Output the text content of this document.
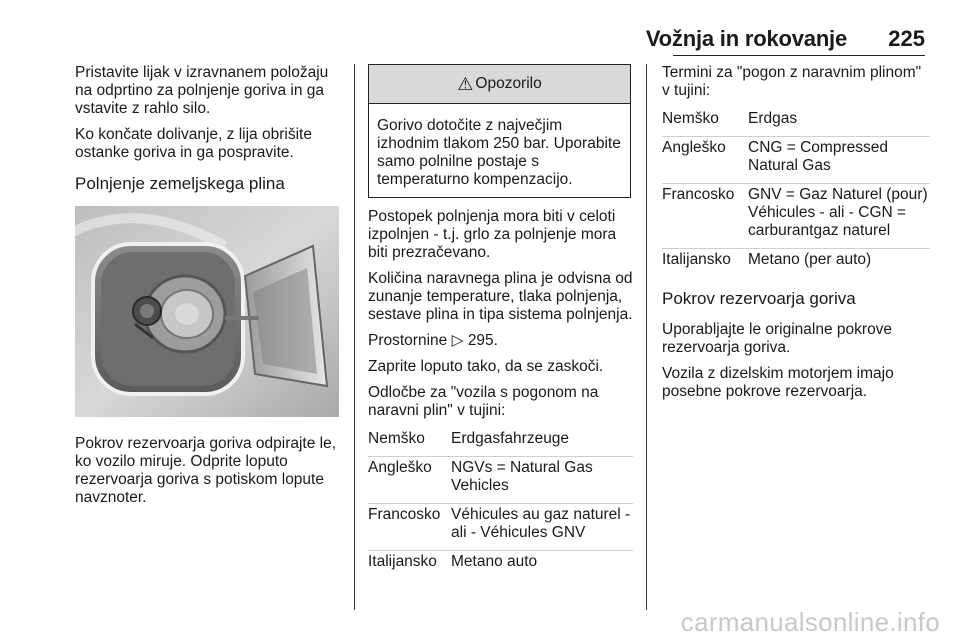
Vožnja in rokovanje 225

Pristavite lijak v izravnanem položaju na odprtino za polnjenje goriva in ga vstavite z rahlo silo.

Ko končate dolivanje, z lija obrišite ostanke goriva in ga pospravite.

Polnjenje zemeljskega plina

Pokrov rezervoarja goriva odpirajte le, ko vozilo miruje. Odprite loputo rezervoarja goriva s potiskom lopute navznoter.

⚠ Opozorilo
Gorivo dotočite z največjim izhodnim tlakom 250 bar. Uporabite samo polnilne postaje s temperaturno kompenzacijo.

Postopek polnjenja mora biti v celoti izpolnjen - t.j. grlo za polnjenje mora biti prezračevano.

Količina naravnega plina je odvisna od zunanje temperature, tlaka polnjenja, sestave plina in tipa sistema polnjenja.

Prostornine ▷ 295.

Zaprite loputo tako, da se zaskoči.

Odločbe za "vozila s pogonom na naravni plin" v tujini:

Nemško	Erdgasfahrzeuge
Angleško	NGVs = Natural Gas Vehicles
Francosko	Véhicules au gaz naturel - ali - Véhicules GNV
Italijansko	Metano auto

Termini za "pogon z naravnim plinom" v tujini:

Nemško	Erdgas
Angleško	CNG = Compressed Natural Gas
Francosko	GNV = Gaz Naturel (pour) Véhicules - ali - CGN = carburantgaz naturel
Italijansko	Metano (per auto)
Pokrov rezervoarja goriva

Uporabljajte le originalne pokrove rezervoarja goriva.

Vozila z dizelskim motorjem imajo posebne pokrove rezervoarja.

carmanualsonline.info
